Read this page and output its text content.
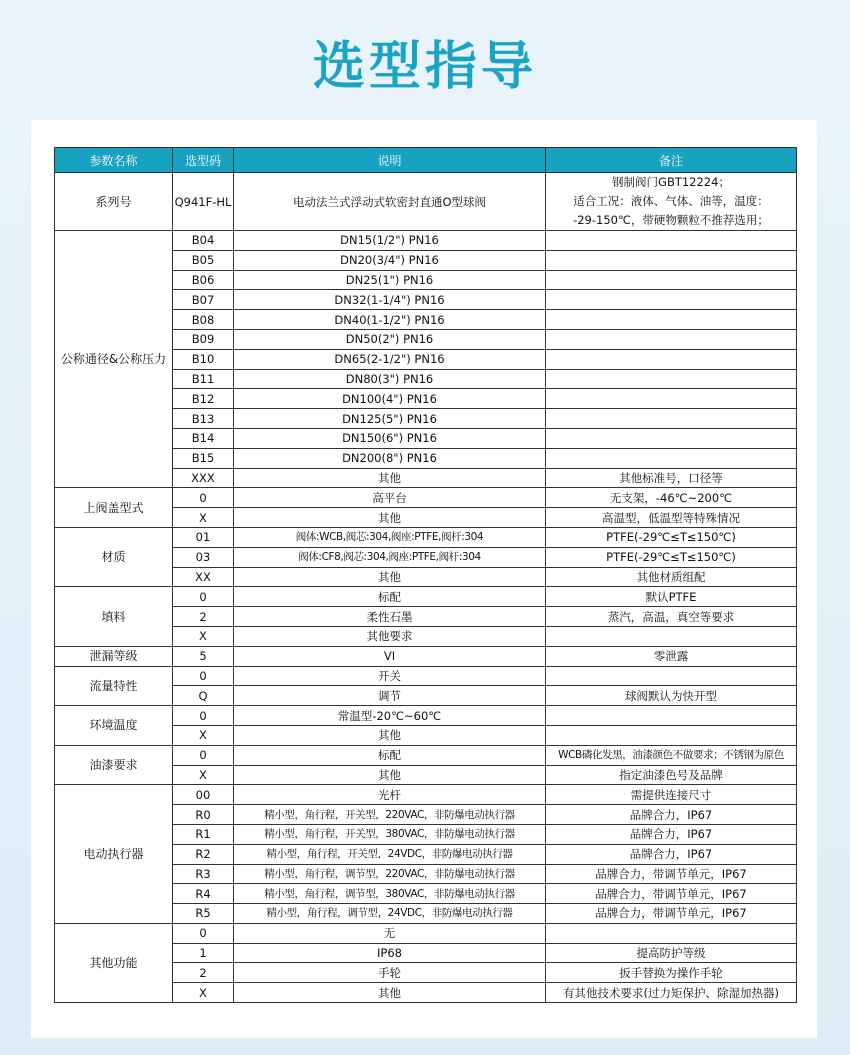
选型指导
参数名称	选型码	说明	备注
系列号	Q941F-HL	电动法兰式浮动式软密封直通O型球阀	钢制阀门GBT12224；
适合工况：液体、气体、油等，温度：
-29-150℃，带硬物颗粒不推荐选用；

公称通径&公称压力	B04	DN15(1/2") PN16	
	B05	DN20(3/4") PN16	
	B06	DN25(1") PN16	
	B07	DN32(1-1/4") PN16	
	B08	DN40(1-1/2") PN16	
	B09	DN50(2") PN16	
	B10	DN65(2-1/2") PN16	
	B11	DN80(3") PN16	
	B12	DN100(4") PN16	
	B13	DN125(5") PN16	
	B14	DN150(6") PN16	
	B15	DN200(8") PN16	
	XXX	其他	其他标准号，口径等
上阀盖型式	0	高平台	无支架，-46℃~200℃
	X	其他	高温型，低温型等特殊情况
材质	01	阀体:WCB,阀芯:304,阀座:PTFE,阀杆:304	PTFE(-29℃≤T≤150℃)
	03	阀体:CF8,阀芯:304,阀座:PTFE,阀杆:304	PTFE(-29℃≤T≤150℃)
	XX	其他	其他材质组配
填料	0	标配	默认PTFE
	2	柔性石墨	蒸汽，高温，真空等要求
	X	其他要求	
泄漏等级	5	VI	零泄露
流量特性	0	开关	
	Q	调节	球阀默认为快开型
环境温度	0	常温型-20℃~60℃	
	X	其他	
油漆要求	0	标配	WCB磷化发黑，油漆颜色不做要求；不锈钢为原色
	X	其他	指定油漆色号及品牌
电动执行器	00	光杆	需提供连接尺寸
	R0	精小型，角行程，开关型，220VAC，非防爆电动执行器	品牌合力，IP67
	R1	精小型，角行程，开关型，380VAC，非防爆电动执行器	品牌合力，IP67
	R2	精小型，角行程，开关型，24VDC，非防爆电动执行器	品牌合力，IP67
	R3	精小型，角行程，调节型，220VAC，非防爆电动执行器	品牌合力，带调节单元，IP67
	R4	精小型，角行程，调节型，380VAC，非防爆电动执行器	品牌合力，带调节单元，IP67
	R5	精小型，角行程，调节型，24VDC，非防爆电动执行器	品牌合力，带调节单元，IP67
其他功能	0	无	
	1	IP68	提高防护等级
	2	手轮	扳手替换为操作手轮
	X	其他	有其他技术要求(过力矩保护、除湿加热器)
